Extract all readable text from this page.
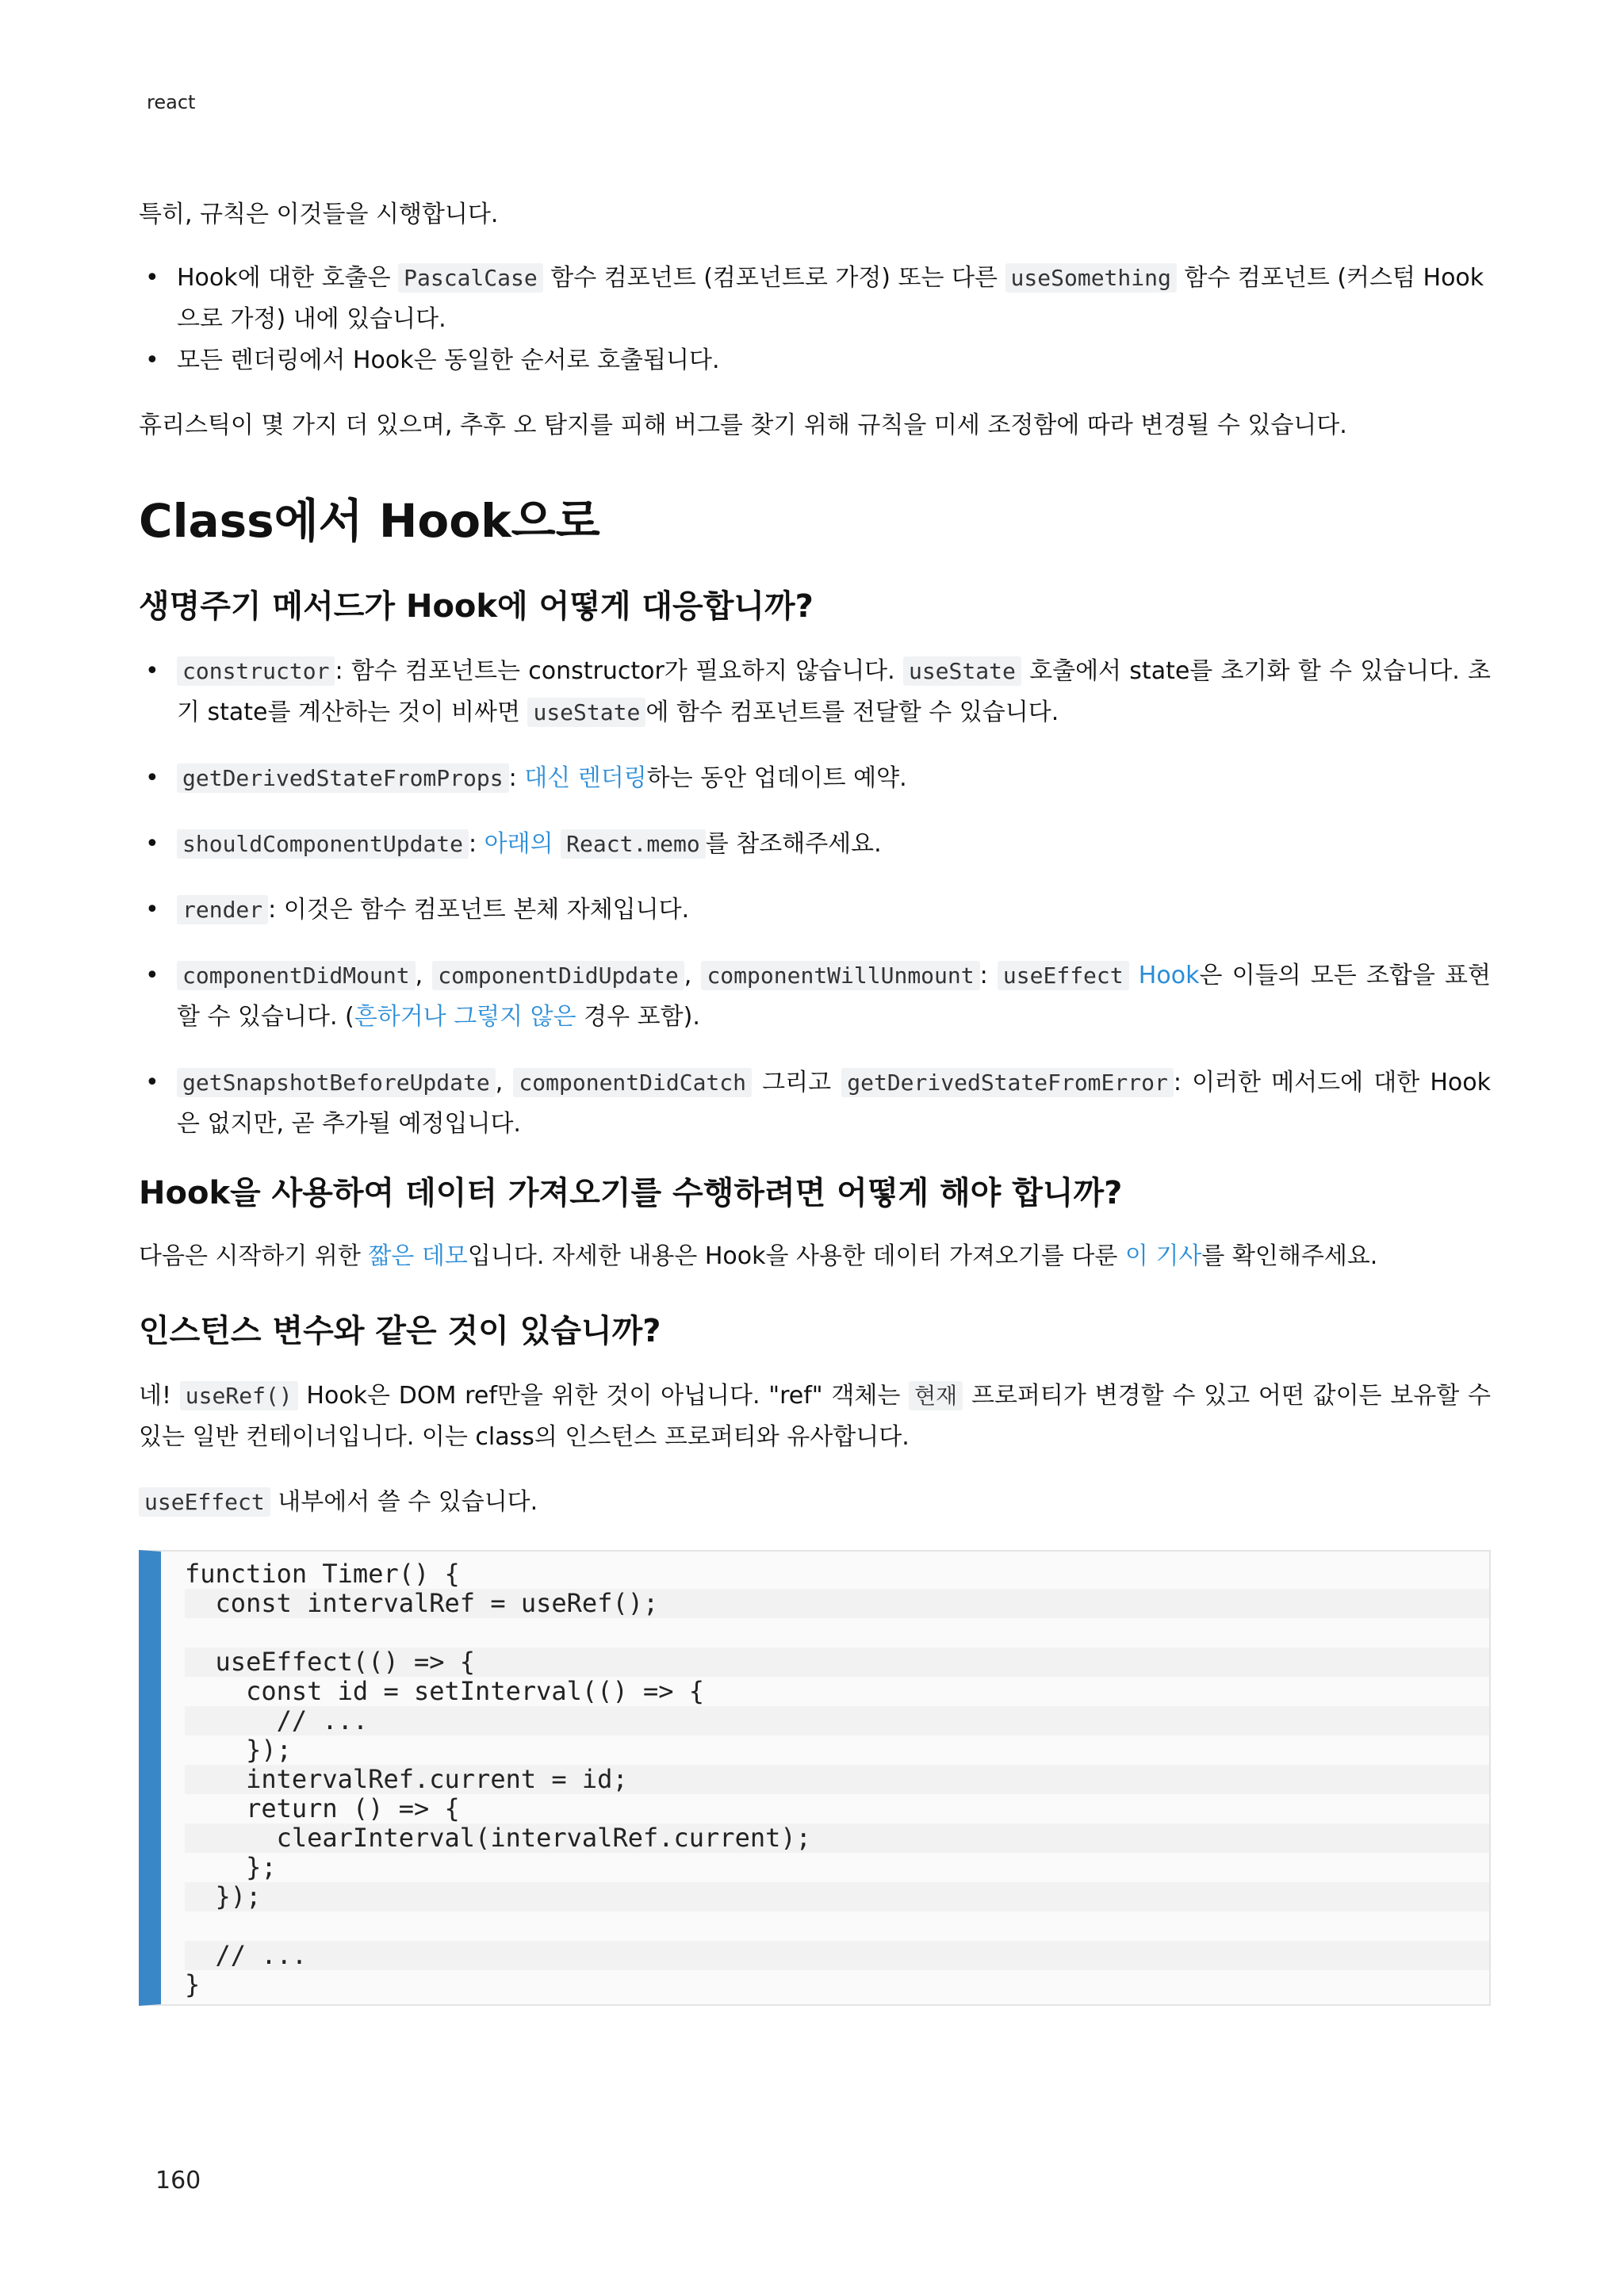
react

특히, 규칙은 이것들을 시행합니다.

• Hook에 대한 호출은 PascalCase 함수 컴포넌트 (컴포넌트로 가정) 또는 다른 useSomething 함수 컴포넌트 (커스텀 Hook으로 가정) 내에 있습니다.
• 모든 렌더링에서 Hook은 동일한 순서로 호출됩니다.

휴리스틱이 몇 가지 더 있으며, 추후 오 탐지를 피해 버그를 찾기 위해 규칙을 미세 조정함에 따라 변경될 수 있습니다.

Class에서 Hook으로
생명주기 메서드가 Hook에 어떻게 대응합니까?
• constructor : 함수 컴포넌트는 constructor가 필요하지 않습니다. useState 호출에서 state를 초기화 할 수 있습니다. 초기 state를 계산하는 것이 비싸면 useState 에 함수 컴포넌트를 전달할 수 있습니다.
• getDerivedStateFromProps : 대신 렌더링하는 동안 업데이트 예약.
• shouldComponentUpdate : 아래의 React.memo 를 참조해주세요.
• render : 이것은 함수 컴포넌트 본체 자체입니다.
• componentDidMount , componentDidUpdate , componentWillUnmount : useEffect Hook은 이들의 모든 조합을 표현할 수 있습니다. (흔하거나 그렇지 않은 경우 포함).
• getSnapshotBeforeUpdate , componentDidCatch 그리고 getDerivedStateFromError : 이러한 메서드에 대한 Hook은 없지만, 곧 추가될 예정입니다.
Hook을 사용하여 데이터 가져오기를 수행하려면 어떻게 해야 합니까?

다음은 시작하기 위한 짧은 데모입니다. 자세한 내용은 Hook을 사용한 데이터 가져오기를 다룬 이 기사를 확인해주세요.

인스턴스 변수와 같은 것이 있습니까?

네! useRef() Hook은 DOM ref만을 위한 것이 아닙니다. "ref" 객체는 현재 프로퍼티가 변경할 수 있고 어떤 값이든 보유할 수 있는 일반 컨테이너입니다. 이는 class의 인스턴스 프로퍼티와 유사합니다.

useEffect 내부에서 쓸 수 있습니다.

function Timer() {
const intervalRef = useRef();
useEffect(() => {
const id = setInterval(() => {
// ...
});
intervalRef.current = id;
return () => {
clearInterval(intervalRef.current);
};
});
// ...
}
160
